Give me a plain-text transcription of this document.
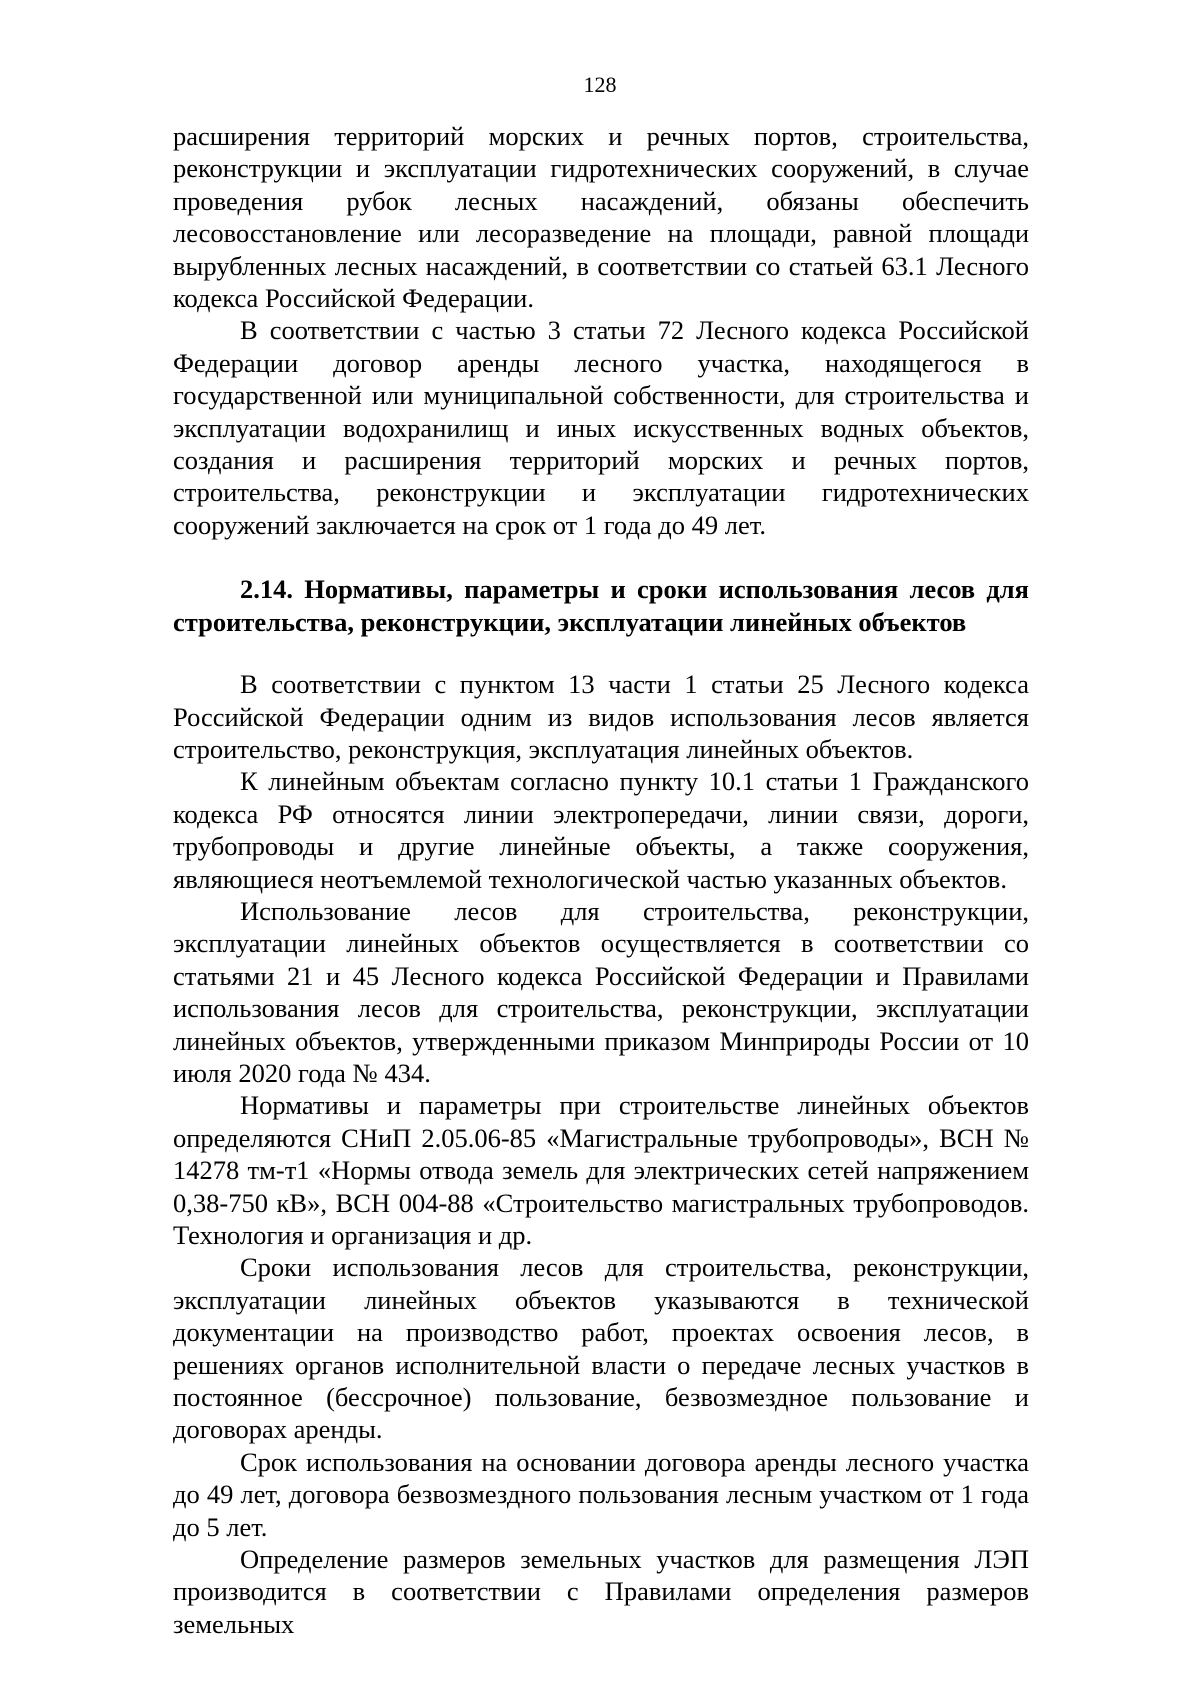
128

расширения территорий морских и речных портов, строительства, реконструкции и эксплуатации гидротехнических сооружений, в случае проведения рубок лесных насаждений, обязаны обеспечить лесовосстановление или лесоразведение на площади, равной площади вырубленных лесных насаждений, в соответствии со статьей 63.1 Лесного кодекса Российской Федерации.

В соответствии с частью 3 статьи 72 Лесного кодекса Российской Федерации договор аренды лесного участка, находящегося в государственной или муниципальной собственности, для строительства и эксплуатации водохранилищ и иных искусственных водных объектов, создания и расширения территорий морских и речных портов, строительства, реконструкции и эксплуатации гидротехнических сооружений заключается на срок от 1 года до 49 лет.

2.14. Нормативы, параметры и сроки использования лесов для строительства, реконструкции, эксплуатации линейных объектов

В соответствии с пунктом 13 части 1 статьи 25 Лесного кодекса Российской Федерации одним из видов использования лесов является строительство, реконструкция, эксплуатация линейных объектов.

К линейным объектам согласно пункту 10.1 статьи 1 Гражданского кодекса РФ относятся линии электропередачи, линии связи, дороги, трубопроводы и другие линейные объекты, а также сооружения, являющиеся неотъемлемой технологической частью указанных объектов.

Использование лесов для строительства, реконструкции, эксплуатации линейных объектов осуществляется в соответствии со статьями 21 и 45 Лесного кодекса Российской Федерации и Правилами использования лесов для строительства, реконструкции, эксплуатации линейных объектов, утвержденными приказом Минприроды России от 10 июля 2020 года № 434.

Нормативы и параметры при строительстве линейных объектов определяются СНиП 2.05.06-85 «Магистральные трубопроводы», ВСН № 14278 тм-т1 «Нормы отвода земель для электрических сетей напряжением 0,38-750 кВ», ВСН 004-88 «Строительство магистральных трубопроводов. Технология и организация и др.

Сроки использования лесов для строительства, реконструкции, эксплуатации линейных объектов указываются в технической документации на производство работ, проектах освоения лесов, в решениях органов исполнительной власти о передаче лесных участков в постоянное (бессрочное) пользование, безвозмездное пользование и договорах аренды.

Срок использования на основании договора аренды лесного участка до 49 лет, договора безвозмездного пользования лесным участком от 1 года до 5 лет.

Определение размеров земельных участков для размещения ЛЭП производится в соответствии с Правилами определения размеров земельных
